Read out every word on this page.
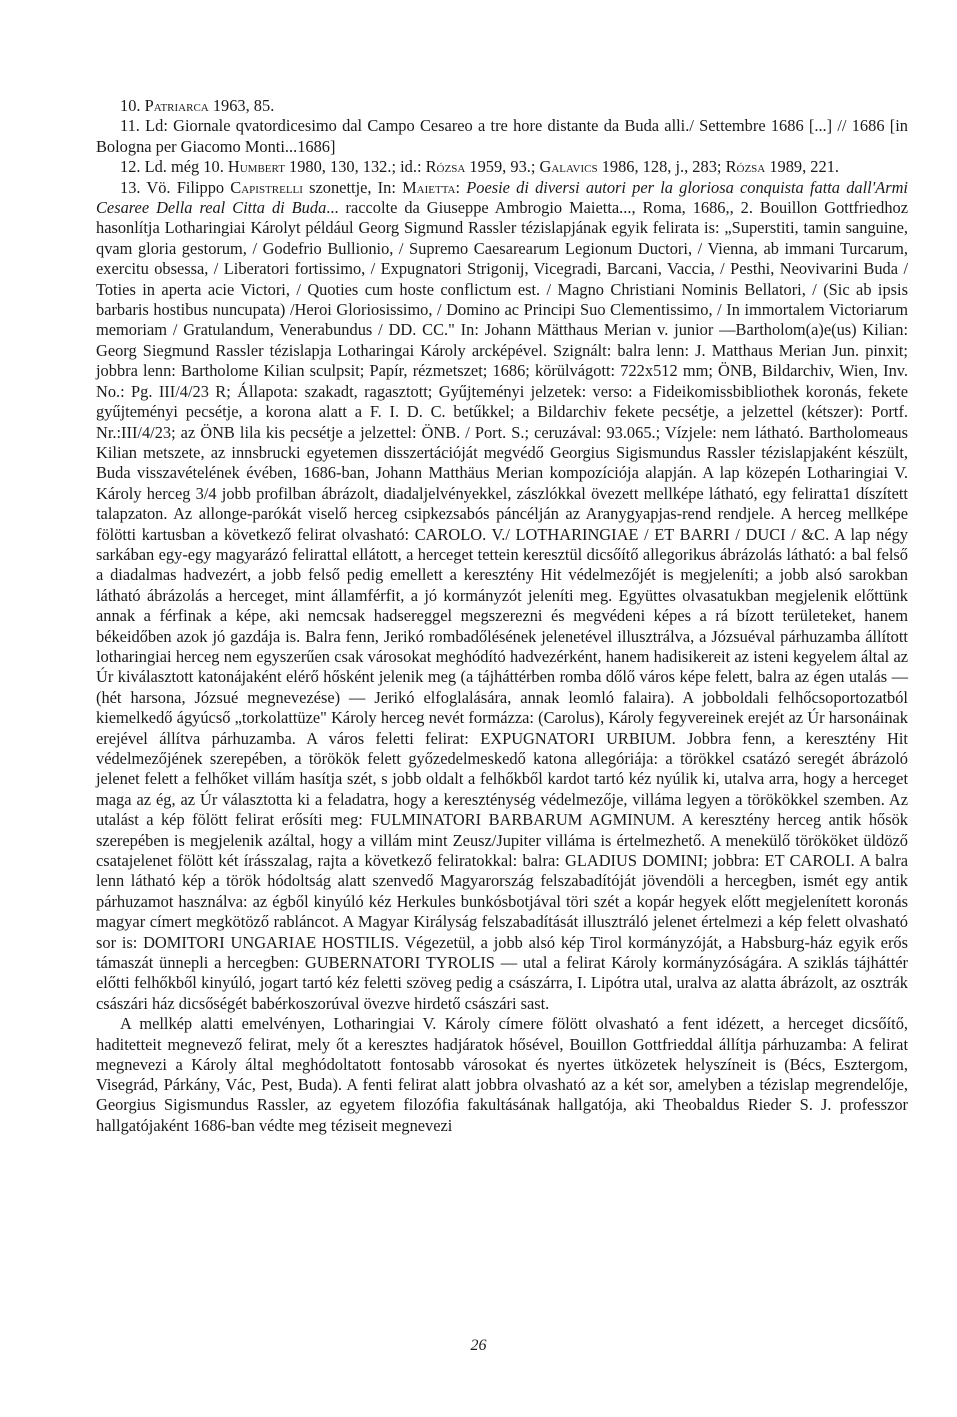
10. Patriarca 1963, 85.

11. Ld: Giornale qvatordicesimo dal Campo Cesareo a tre hore distante da Buda alli./ Settembre 1686 [...] // 1686 [in Bologna per Giacomo Monti...1686]

12. Ld. még 10. Humbert 1980, 130, 132.; id.: Rózsa 1959, 93.; Galavics 1986, 128, j., 283; Rózsa 1989, 221.

13. Vö. Filippo Capistrelli szonettje, In: Maietta: Poesie di diversi autori per la gloriosa conquista fatta dall'Armi Cesaree Della real Citta di Buda... raccolte da Giuseppe Ambrogio Maietta..., Roma, 1686,, 2. Bouillon Gottfriedhoz hasonlítja Lotharingiai Károlyt például Georg Sigmund Rassler tézislapjának egyik felirata is: „Superstiti, tamin sanguine, qvam gloria gestorum, / Godefrio Bullionio, / Supremo Caesarearum Legionum Ductori, / Vienna, ab immani Turcarum, exercitu obsessa, / Liberatori fortissimo, / Expugnatori Strigonij, Vicegradi, Barcani, Vaccia, / Pesthi, Neovivarini Buda / Toties in aperta acie Victori, / Quoties cum hoste conflictum est. / Magno Christiani Nominis Bellatori, / (Sic ab ipsis barbaris hostibus nuncupata) /Heroi Gloriosissimo, / Domino ac Principi Suo Clementissimo, / In immortalem Victoriarum memoriam / Gratulandum, Venerabundus / DD. CC." In: Johann Mätthaus Merian v. junior —Bartholom(a)e(us) Kilian: Georg Siegmund Rassler tézislapja Lotharingai Károly arcképével. Szignált: balra lenn: J. Matthaus Merian Jun. pinxit; jobbra lenn: Bartholome Kilian sculpsit; Papír, rézmetszet; 1686; körülvágott: 722x512 mm; ÖNB, Bildarchiv, Wien, Inv. No.: Pg. III/4/23 R; Állapota: szakadt, ragasztott; Gyűjteményi jelzetek: verso: a Fideikomissbibliothek koronás, fekete gyűjteményi pecsétje, a korona alatt a F. I. D. C. betűkkel; a Bildarchiv fekete pecsétje, a jelzettel (kétszer): Portf. Nr.:III/4/23; az ÖNB lila kis pecsétje a jelzettel: ÖNB. / Port. S.; ceruzával: 93.065.; Vízjele: nem látható. Bartholomeaus Kilian metszete, az innsbrucki egyetemen disszertációját megvédő Georgius Sigismundus Rassler tézislapjaként készült, Buda visszavételének évében, 1686-ban, Johann Matthäus Merian kompozíciója alapján. A lap közepén Lotharingiai V. Károly herceg 3/4 jobb profilban ábrázolt, diadaljelvényekkel, zászlókkal övezett mellképe látható, egy feliratta1 díszített talapzaton. Az allonge-parókát viselő herceg csipkezsabós páncélján az Aranygyapjas-rend rendjele. A herceg mellképe fölötti kartusban a következő felirat olvasható: CAROLO. V./ LOTHARINGIAE / ET BARRI / DUCI / &C. A lap négy sarkában egy-egy magyarázó felirattal ellátott, a herceget tettein keresztül dicsőítő allegorikus ábrázolás látható: a bal felső a diadalmas hadvezért, a jobb felső pedig emellett a keresztény Hit védelmezőjét is megjeleníti; a jobb alsó sarokban látható ábrázolás a herceget, mint államférfit, a jó kormányzót jeleníti meg. Együttes olvasatukban megjelenik előttünk annak a férfinak a képe, aki nemcsak hadsereggel megszerezni és megvédeni képes a rá bízott területeket, hanem békeidőben azok jó gazdája is. Balra fenn, Jerikó rombadőlésének jelenetével illusztrálva, a Józsuéval párhuzamba állított lotharingiai herceg nem egyszerűen csak városokat meghódító hadvezérként, hanem hadisikereit az isteni kegyelem által az Úr kiválasztott katonájaként elérő hősként jelenik meg (a tájháttérben romba dőlő város képe felett, balra az égen utalás — (hét harsona, Józsué megnevezése) — Jerikó elfoglalására, annak leomló falaira). A jobboldali felhőcsoportozatból kiemelkedő ágyúcső „torkolattüze" Károly herceg nevét formázza: (Carolus), Károly fegyvereinek erejét az Úr harsonáinak erejével állítva párhuzamba. A város feletti felirat: EXPUGNATORI URBIUM. Jobbra fenn, a keresztény Hit védelmezőjének szerepében, a törökök felett győzedelmeskedő katona allegóriája: a törökkel csatázó seregét ábrázoló jelenet felett a felhőket villám hasítja szét, s jobb oldalt a felhőkből kardot tartó kéz nyúlik ki, utalva arra, hogy a herceget maga az ég, az Úr választotta ki a feladatra, hogy a kereszténység védelmezője, villáma legyen a törökökkel szemben. Az utalást a kép fölött felirat erősíti meg: FULMINATORI BARBARUM AGMINUM. A keresztény herceg antik hősök szerepében is megjelenik azáltal, hogy a villám mint Zeusz/Jupiter villáma is értelmezhető. A menekülő törököket üldöző csatajelenet fölött két írásszalag, rajta a következő feliratokkal: balra: GLADIUS DOMINI; jobbra: ET CAROLI. A balra lenn látható kép a török hódoltság alatt szenvedő Magyarország felszabadítóját jövendöli a hercegben, ismét egy antik párhuzamot használva: az égből kinyúló kéz Herkules bunkósbotjával töri szét a kopár hegyek előtt megjelenített koronás magyar címert megkötöző rabláncot. A Magyar Királyság felszabadítását illusztráló jelenet értelmezi a kép felett olvasható sor is: DOMITORI UNGARIAE HOSTILIS. Végezetül, a jobb alsó kép Tirol kormányzóját, a Habsburg-ház egyik erős támaszát ünnepli a hercegben: GUBERNATORI TYROLIS — utal a felirat Károly kormányzóságára. A sziklás tájháttér előtti felhőkből kinyúló, jogart tartó kéz feletti szöveg pedig a császárra, I. Lipótra utal, uralva az alatta ábrázolt, az osztrák császári ház dicsőségét babérkoszorúval övezve hirdető császári sast.

A mellkép alatti emelvényen, Lotharingiai V. Károly címere fölött olvasható a fent idézett, a herceget dicsőítő, haditetteit megnevező felirat, mely őt a keresztes hadjáratok hősével, Bouillon Gottfrieddal állítja párhuzamba: A felirat megnevezi a Károly által meghódoltatott fontosabb városokat és nyertes ütközetek helyszíneit is (Bécs, Esztergom, Visegrád, Párkány, Vác, Pest, Buda). A fenti felirat alatt jobbra olvasható az a két sor, amelyben a tézislap megrendelője, Georgius Sigismundus Rassler, az egyetem filozófia fakultásának hallgatója, aki Theobaldus Rieder S. J. professzor hallgatójaként 1686-ban védte meg téziseit megnevezi

26
